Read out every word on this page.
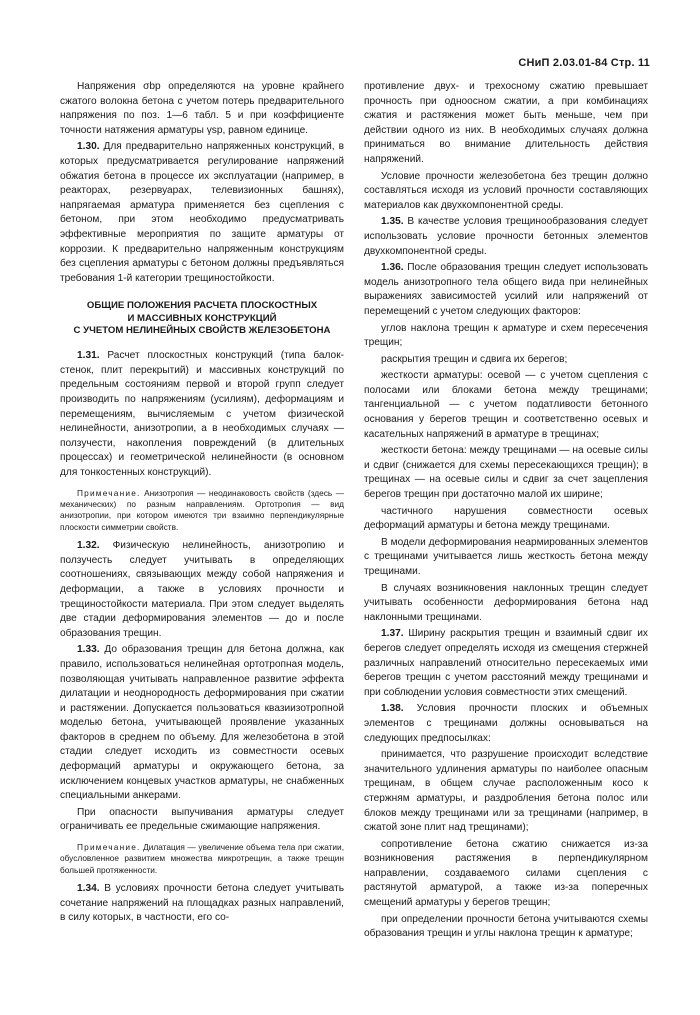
СНиП 2.03.01-84 Стр. 11

Напряжения σbp определяются на уровне крайнего сжатого волокна бетона с учетом потерь предварительного напряжения по поз. 1—6 табл. 5 и при коэффициенте точности натяжения арматуры γsp, равном единице.

1.30. Для предварительно напряженных конструкций, в которых предусматривается регулирование напряжений обжатия бетона в процессе их эксплуатации (например, в реакторах, резервуарах, телевизионных башнях), напрягаемая арматура применяется без сцепления с бетоном, при этом необходимо предусматривать эффективные мероприятия по защите арматуры от коррозии. К предварительно напряженным конструкциям без сцепления арматуры с бетоном должны предъявляться требования 1-й категории трещиностойкости.

ОБЩИЕ ПОЛОЖЕНИЯ РАСЧЕТА ПЛОСКОСТНЫХ
И МАССИВНЫХ КОНСТРУКЦИЙ
С УЧЕТОМ НЕЛИНЕЙНЫХ СВОЙСТВ ЖЕЛЕЗОБЕТОНА

1.31. Расчет плоскостных конструкций (типа балок-стенок, плит перекрытий) и массивных конструкций по предельным состояниям первой и второй групп следует производить по напряжениям (усилиям), деформациям и перемещениям, вычисляемым с учетом физической нелинейности, анизотропии, а в необходимых случаях — ползучести, накопления повреждений (в длительных процессах) и геометрической нелинейности (в основном для тонкостенных конструкций).

Примечание. Анизотропия — неодинаковость свойств (здесь — механических) по разным направлениям. Ортотропия — вид анизотропии, при котором имеются три взаимно перпендикулярные плоскости симметрии свойств.

1.32. Физическую нелинейность, анизотропию и ползучесть следует учитывать в определяющих соотношениях, связывающих между собой напряжения и деформации, а также в условиях прочности и трещиностойкости материала. При этом следует выделять две стадии деформирования элементов — до и после образования трещин.

1.33. До образования трещин для бетона должна, как правило, использоваться нелинейная ортотропная модель, позволяющая учитывать направленное развитие эффекта дилатации и неоднородность деформирования при сжатии и растяжении. Допускается пользоваться квазиизотропной моделью бетона, учитывающей проявление указанных факторов в среднем по объему. Для железобетона в этой стадии следует исходить из совместности осевых деформаций арматуры и окружающего бетона, за исключением концевых участков арматуры, не снабженных специальными анкерами.

При опасности выпучивания арматуры следует ограничивать ее предельные сжимающие напряжения.

Примечание. Дилатация — увеличение объема тела при сжатии, обусловленное развитием множества микротрещин, а также трещин большей протяженности.

1.34. В условиях прочности бетона следует учитывать сочетание напряжений на площадках разных направлений, в силу которых, в частности, его со-

противление двух- и трехосному сжатию превышает прочность при одноосном сжатии, а при комбинациях сжатия и растяжения может быть меньше, чем при действии одного из них. В необходимых случаях должна приниматься во внимание длительность действия напряжений.

Условие прочности железобетона без трещин должно составляться исходя из условий прочности составляющих материалов как двухкомпонентной среды.

1.35. В качестве условия трещинообразования следует использовать условие прочности бетонных элементов двухкомпонентной среды.

1.36. После образования трещин следует использовать модель анизотропного тела общего вида при нелинейных выражениях зависимостей усилий или напряжений от перемещений с учетом следующих факторов:

углов наклона трещин к арматуре и схем пересечения трещин;

раскрытия трещин и сдвига их берегов;

жесткости арматуры: осевой — с учетом сцепления с полосами или блоками бетона между трещинами; тангенциальной — с учетом податливости бетонного основания у берегов трещин и соответственно осевых и касательных напряжений в арматуре в трещинах;

жесткости бетона: между трещинами — на осевые силы и сдвиг (снижается для схемы пересекающихся трещин); в трещинах — на осевые силы и сдвиг за счет зацепления берегов трещин при достаточно малой их ширине;

частичного нарушения совместности осевых деформаций арматуры и бетона между трещинами.

В модели деформирования неармированных элементов с трещинами учитывается лишь жесткость бетона между трещинами.

В случаях возникновения наклонных трещин следует учитывать особенности деформирования бетона над наклонными трещинами.

1.37. Ширину раскрытия трещин и взаимный сдвиг их берегов следует определять исходя из смещения стержней различных направлений относительно пересекаемых ими берегов трещин с учетом расстояний между трещинами и при соблюдении условия совместности этих смещений.

1.38. Условия прочности плоских и объемных элементов с трещинами должны основываться на следующих предпосылках:

принимается, что разрушение происходит вследствие значительного удлинения арматуры по наиболее опасным трещинам, в общем случае расположенным косо к стержням арматуры, и раздробления бетона полос или блоков между трещинами или за трещинами (например, в сжатой зоне плит над трещинами);

сопротивление бетона сжатию снижается из-за возникновения растяжения в перпендикулярном направлении, создаваемого силами сцепления с растянутой арматурой, а также из-за поперечных смещений арматуры у берегов трещин;

при определении прочности бетона учитываются схемы образования трещин и углы наклона трещин к арматуре;
